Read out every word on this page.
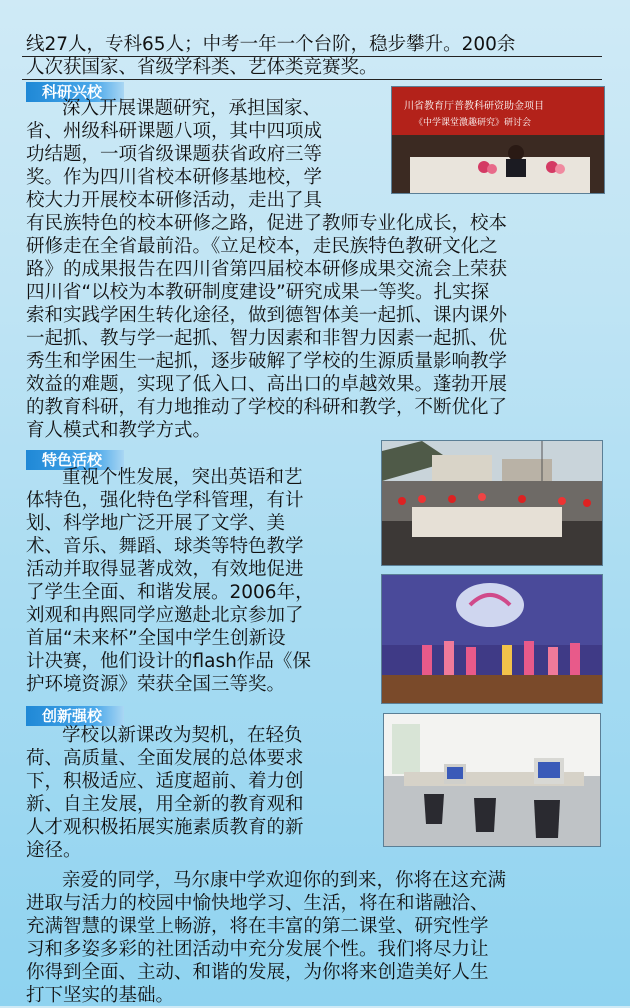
线27人，专科65人；中考一年一个台阶，稳步攀升。200余
人次获国家、省级学科类、艺体类竞赛奖。
科研兴校
深入开展课题研究，承担国家、
省、州级科研课题八项，其中四项成
功结题，一项省级课题获省政府三等
奖。作为四川省校本研修基地校，学
校大力开展校本研修活动，走出了具
有民族特色的校本研修之路，促进了教师专业化成长，校本
研修走在全省最前沿。《立足校本，走民族特色教研文化之
路》的成果报告在四川省第四届校本研修成果交流会上荣获
四川省“以校为本教研制度建设”研究成果一等奖。扎实探
索和实践学困生转化途径，做到德智体美一起抓、课内课外
一起抓、教与学一起抓、智力因素和非智力因素一起抓、优
秀生和学困生一起抓，逐步破解了学校的生源质量影响教学
效益的难题，实现了低入口、高出口的卓越效果。蓬勃开展
的教育科研，有力地推动了学校的科研和教学，不断优化了
育人模式和教学方式。
川省教育厅普教科研资助金项目
《中学课堂激趣研究》研讨会
特色活校
重视个性发展，突出英语和艺
体特色，强化特色学科管理，有计
划、科学地广泛开展了文学、美
术、音乐、舞蹈、球类等特色教学
活动并取得显著成效，有效地促进
了学生全面、和谐发展。2006年，
刘观和冉熙同学应邀赴北京参加了
首届“未来杯”全国中学生创新设
计决赛，他们设计的flash作品《保
护环境资源》荣获全国三等奖。
创新强校
学校以新课改为契机，在轻负
荷、高质量、全面发展的总体要求
下，积极适应、适度超前、着力创
新、自主发展，用全新的教育观和
人才观积极拓展实施素质教育的新
途径。
亲爱的同学，马尔康中学欢迎你的到来，你将在这充满
进取与活力的校园中愉快地学习、生活，将在和谐融洽、
充满智慧的课堂上畅游，将在丰富的第二课堂、研究性学
习和多姿多彩的社团活动中充分发展个性。我们将尽力让
你得到全面、主动、和谐的发展，为你将来创造美好人生
打下坚实的基础。
